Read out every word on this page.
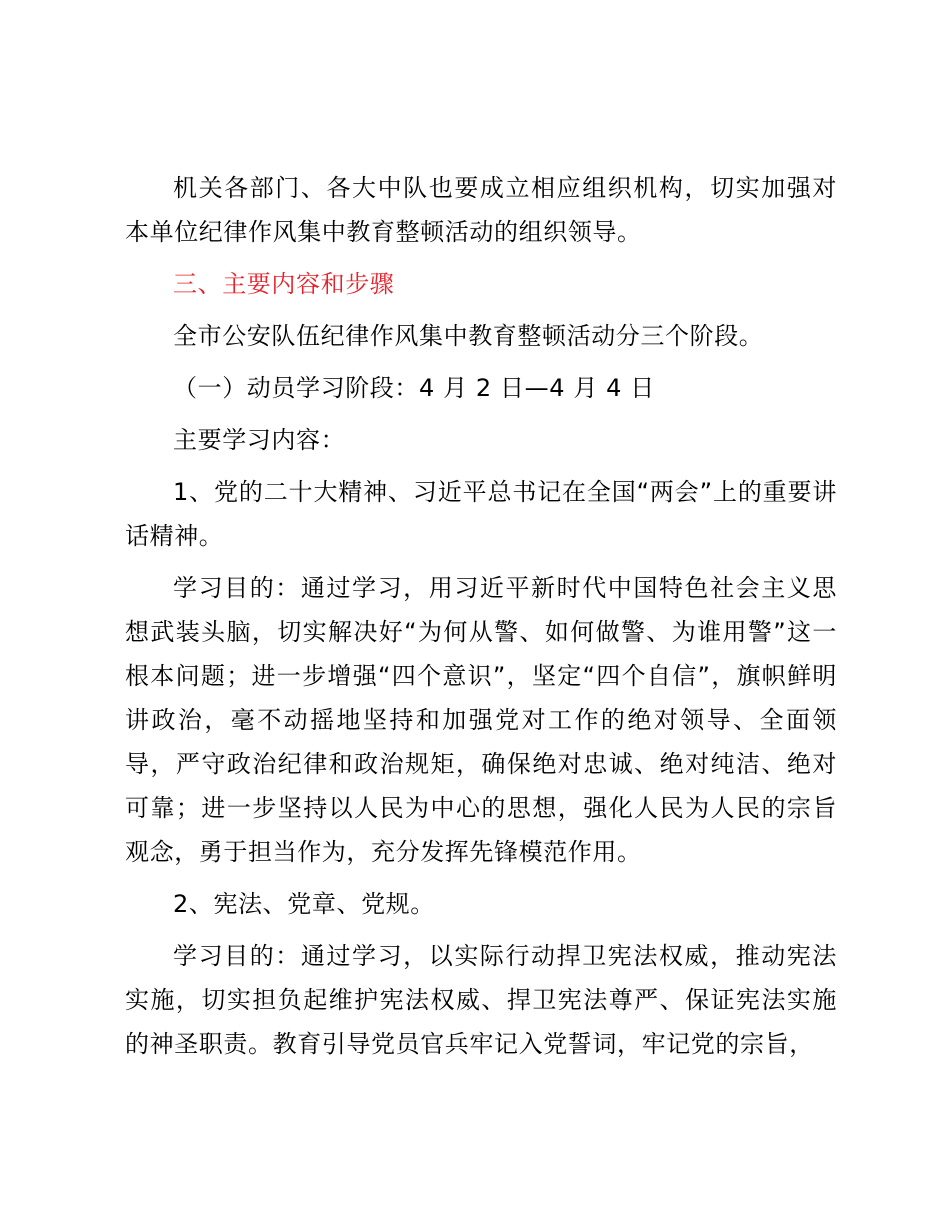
机关各部门、各大中队也要成立相应组织机构，切实加强对本单位纪律作风集中教育整顿活动的组织领导。

三、主要内容和步骤

全市公安队伍纪律作风集中教育整顿活动分三个阶段。

（一）动员学习阶段：4 月 2 日—4 月 4 日

主要学习内容：

1、党的二十大精神、习近平总书记在全国“两会”上的重要讲话精神。

学习目的：通过学习，用习近平新时代中国特色社会主义思想武装头脑，切实解决好“为何从警、如何做警、为谁用警”这一根本问题；进一步增强“四个意识”，坚定“四个自信”，旗帜鲜明讲政治，毫不动摇地坚持和加强党对工作的绝对领导、全面领导，严守政治纪律和政治规矩，确保绝对忠诚、绝对纯洁、绝对可靠；进一步坚持以人民为中心的思想，强化人民为人民的宗旨观念，勇于担当作为，充分发挥先锋模范作用。

2、宪法、党章、党规。

学习目的：通过学习，以实际行动捍卫宪法权威，推动宪法实施，切实担负起维护宪法权威、捍卫宪法尊严、保证宪法实施的神圣职责。教育引导党员官兵牢记入党誓词，牢记党的宗旨，
